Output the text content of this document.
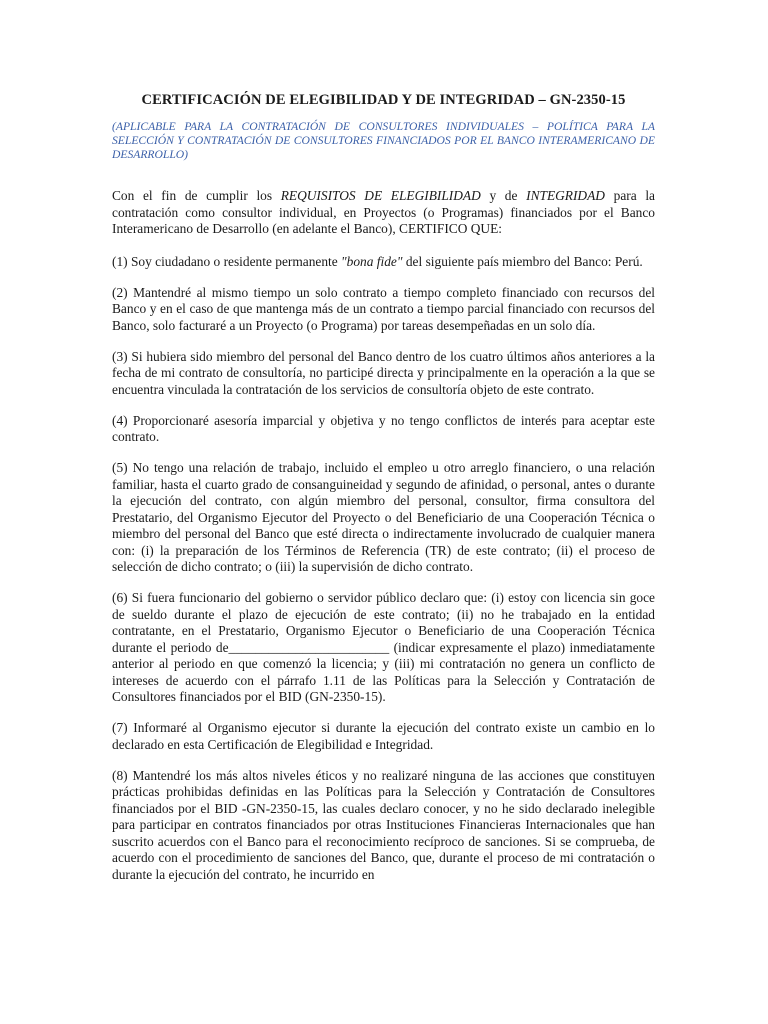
CERTIFICACIÓN DE ELEGIBILIDAD Y DE INTEGRIDAD – GN-2350-15
(APLICABLE PARA LA CONTRATACIÓN DE CONSULTORES INDIVIDUALES – POLÍTICA PARA LA SELECCIÓN Y CONTRATACIÓN DE CONSULTORES FINANCIADOS POR EL BANCO INTERAMERICANO DE DESARROLLO)

Con el fin de cumplir los REQUISITOS DE ELEGIBILIDAD y de INTEGRIDAD para la contratación como consultor individual, en Proyectos (o Programas) financiados por el Banco Interamericano de Desarrollo (en adelante el Banco), CERTIFICO QUE:

(1) Soy ciudadano o residente permanente "bona fide" del siguiente país miembro del Banco: Perú.

(2) Mantendré al mismo tiempo un solo contrato a tiempo completo financiado con recursos del Banco y en el caso de que mantenga más de un contrato a tiempo parcial financiado con recursos del Banco, solo facturaré a un Proyecto (o Programa) por tareas desempeñadas en un solo día.

(3) Si hubiera sido miembro del personal del Banco dentro de los cuatro últimos años anteriores a la fecha de mi contrato de consultoría, no participé directa y principalmente en la operación a la que se encuentra vinculada la contratación de los servicios de consultoría objeto de este contrato.

(4) Proporcionaré asesoría imparcial y objetiva y no tengo conflictos de interés para aceptar este contrato.

(5) No tengo una relación de trabajo, incluido el empleo u otro arreglo financiero, o una relación familiar, hasta el cuarto grado de consanguineidad y segundo de afinidad, o personal, antes o durante la ejecución del contrato, con algún miembro del personal, consultor, firma consultora del Prestatario, del Organismo Ejecutor del Proyecto o del Beneficiario de una Cooperación Técnica o miembro del personal del Banco que esté directa o indirectamente involucrado de cualquier manera con: (i) la preparación de los Términos de Referencia (TR) de este contrato; (ii) el proceso de selección de dicho contrato; o (iii) la supervisión de dicho contrato.

(6) Si fuera funcionario del gobierno o servidor público declaro que: (i) estoy con licencia sin goce de sueldo durante el plazo de ejecución de este contrato; (ii) no he trabajado en la entidad contratante, en el Prestatario, Organismo Ejecutor o Beneficiario de una Cooperación Técnica durante el periodo de________________________ (indicar expresamente el plazo) inmediatamente anterior al periodo en que comenzó la licencia; y (iii) mi contratación no genera un conflicto de intereses de acuerdo con el párrafo 1.11 de las Políticas para la Selección y Contratación de Consultores financiados por el BID (GN-2350-15).

(7) Informaré al Organismo ejecutor si durante la ejecución del contrato existe un cambio en lo declarado en esta Certificación de Elegibilidad e Integridad.

(8) Mantendré los más altos niveles éticos y no realizaré ninguna de las acciones que constituyen prácticas prohibidas definidas en las Políticas para la Selección y Contratación de Consultores financiados por el BID -GN-2350-15, las cuales declaro conocer, y no he sido declarado inelegible para participar en contratos financiados por otras Instituciones Financieras Internacionales que han suscrito acuerdos con el Banco para el reconocimiento recíproco de sanciones. Si se comprueba, de acuerdo con el procedimiento de sanciones del Banco, que, durante el proceso de mi contratación o durante la ejecución del contrato, he incurrido en
